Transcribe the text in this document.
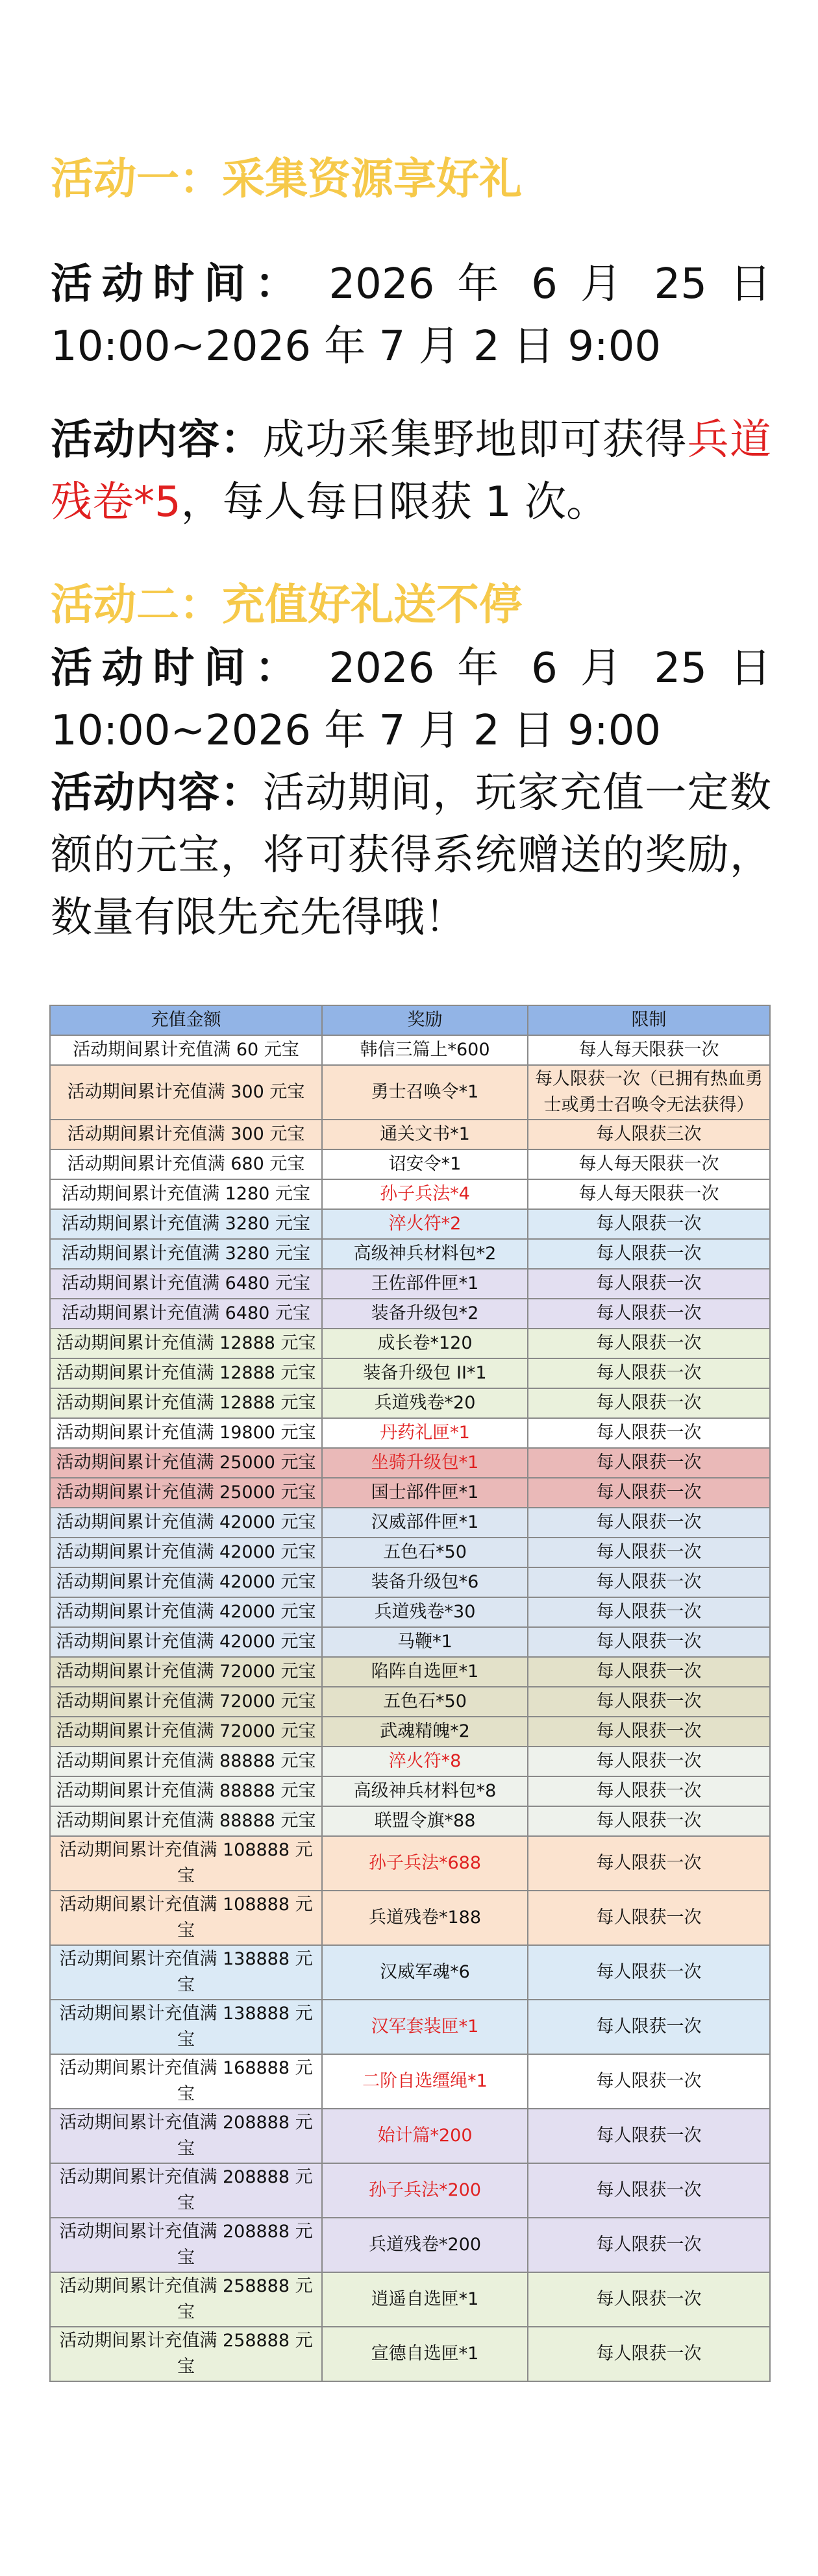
活动一：采集资源享好礼
活动时间： 2026 年 6 月 25 日 10:00~2026 年 7 月 2 日 9:00
活动内容：成功采集野地即可获得兵道残卷*5，每人每日限获 1 次。
活动二：充值好礼送不停
活动时间： 2026 年 6 月 25 日 10:00~2026 年 7 月 2 日 9:00
活动内容：活动期间，玩家充值一定数额的元宝，将可获得系统赠送的奖励，数量有限先充先得哦！
充值金额	奖励	限制
活动期间累计充值满 60 元宝	韩信三篇上*600	每人每天限获一次
活动期间累计充值满 300 元宝	勇士召唤令*1	每人限获一次（已拥有热血勇士或勇士召唤令无法获得）
活动期间累计充值满 300 元宝	通关文书*1	每人限获三次
活动期间累计充值满 680 元宝	诏安令*1	每人每天限获一次
活动期间累计充值满 1280 元宝	孙子兵法*4	每人每天限获一次
活动期间累计充值满 3280 元宝	淬火符*2	每人限获一次
活动期间累计充值满 3280 元宝	高级神兵材料包*2	每人限获一次
活动期间累计充值满 6480 元宝	王佐部件匣*1	每人限获一次
活动期间累计充值满 6480 元宝	装备升级包*2	每人限获一次
活动期间累计充值满 12888 元宝	成长卷*120	每人限获一次
活动期间累计充值满 12888 元宝	装备升级包 II*1	每人限获一次
活动期间累计充值满 12888 元宝	兵道残卷*20	每人限获一次
活动期间累计充值满 19800 元宝	丹药礼匣*1	每人限获一次
活动期间累计充值满 25000 元宝	坐骑升级包*1	每人限获一次
活动期间累计充值满 25000 元宝	国士部件匣*1	每人限获一次
活动期间累计充值满 42000 元宝	汉威部件匣*1	每人限获一次
活动期间累计充值满 42000 元宝	五色石*50	每人限获一次
活动期间累计充值满 42000 元宝	装备升级包*6	每人限获一次
活动期间累计充值满 42000 元宝	兵道残卷*30	每人限获一次
活动期间累计充值满 42000 元宝	马鞭*1	每人限获一次
活动期间累计充值满 72000 元宝	陷阵自选匣*1	每人限获一次
活动期间累计充值满 72000 元宝	五色石*50	每人限获一次
活动期间累计充值满 72000 元宝	武魂精魄*2	每人限获一次
活动期间累计充值满 88888 元宝	淬火符*8	每人限获一次
活动期间累计充值满 88888 元宝	高级神兵材料包*8	每人限获一次
活动期间累计充值满 88888 元宝	联盟令旗*88	每人限获一次
活动期间累计充值满 108888 元宝	孙子兵法*688	每人限获一次
活动期间累计充值满 108888 元宝	兵道残卷*188	每人限获一次
活动期间累计充值满 138888 元宝	汉威军魂*6	每人限获一次
活动期间累计充值满 138888 元宝	汉军套装匣*1	每人限获一次
活动期间累计充值满 168888 元宝	二阶自选缰绳*1	每人限获一次
活动期间累计充值满 208888 元宝	始计篇*200	每人限获一次
活动期间累计充值满 208888 元宝	孙子兵法*200	每人限获一次
活动期间累计充值满 208888 元宝	兵道残卷*200	每人限获一次
活动期间累计充值满 258888 元宝	逍遥自选匣*1	每人限获一次
活动期间累计充值满 258888 元宝	宣德自选匣*1	每人限获一次
